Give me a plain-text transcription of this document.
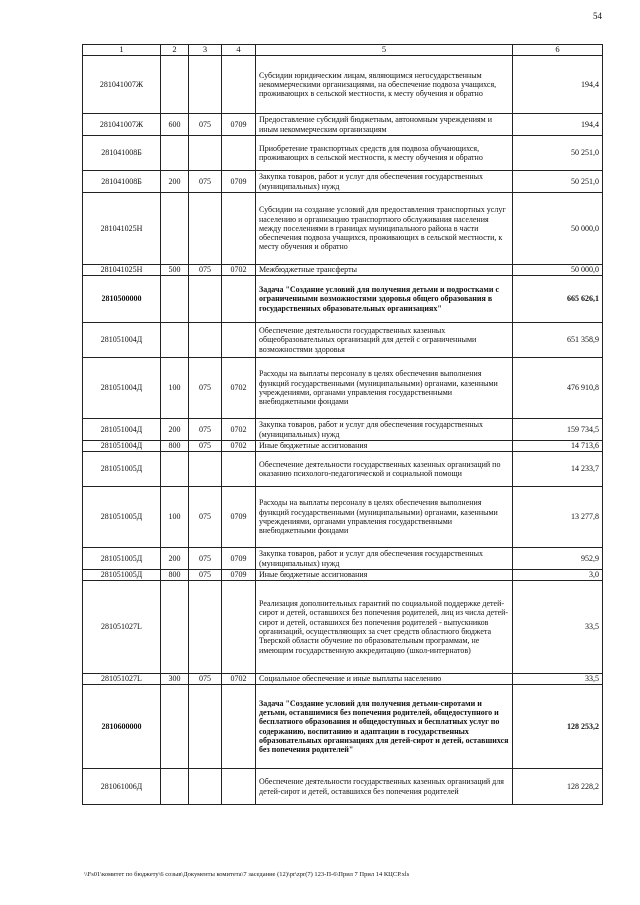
54
1	2	3	4	5	6
281041007Ж				Субсидии юридическим лицам, являющимся негосударственным некоммерческими организациями, на обеспечение подвоза учащихся, проживающих в сельской местности, к месту обучения и обратно	194,4
281041007Ж	600	075	0709	Предоставление субсидий бюджетным, автономным учреждениям и иным некоммерческим организациям	194,4
281041008Б				Приобретение транспортных средств для подвоза обучающихся, проживающих в сельской местности, к месту обучения и обратно	50 251,0
281041008Б	200	075	0709	Закупка товаров, работ и услуг для обеспечения государственных (муниципальных) нужд	50 251,0
281041025Н				Субсидии на создание условий для предоставления транспортных услуг населению и организацию транспортного обслуживания населения между поселениями в границах муниципального района в части обеспечения подвоза учащихся, проживающих в сельской местности, к месту обучения и обратно	50 000,0
281041025Н	500	075	0702	Межбюджетные трансферты	50 000,0
2810500000				Задача "Создание условий для получения детьми и подростками с ограниченными возможностями здоровья общего образования в государственных образовательных организациях"	665 626,1
281051004Д				Обеспечение деятельности государственных казенных общеобразовательных организаций для детей с ограниченными возможностями здоровья	651 358,9
281051004Д	100	075	0702	Расходы на выплаты персоналу в целях обеспечения выполнения функций государственными (муниципальными) органами, казенными учреждениями, органами управления государственными внебюджетными фондами	476 910,8
281051004Д	200	075	0702	Закупка товаров, работ и услуг для обеспечения государственных (муниципальных) нужд	159 734,5
281051004Д	800	075	0702	Иные бюджетные ассигнования	14 713,6
281051005Д				Обеспечение деятельности государственных казенных организаций по оказанию психолого-педагогической и социальной помощи	14 233,7
281051005Д	100	075	0709	Расходы на выплаты персоналу в целях обеспечения выполнения функций государственными (муниципальными) органами, казенными учреждениями, органами управления государственными внебюджетными фондами	13 277,8
281051005Д	200	075	0709	Закупка товаров, работ и услуг для обеспечения государственных (муниципальных) нужд	952,9
281051005Д	800	075	0709	Иные бюджетные ассигнования	3,0
281051027L				Реализация дополнительных гарантий по социальной поддержке детей-сирот и детей, оставшихся без попечения родителей, лиц из числа детей-сирот и детей, оставшихся без попечения родителей - выпускников организаций, осуществляющих за счет средств областного бюджета Тверской области обучение по образовательным программам, не имеющим государственную аккредитацию (школ-интернатов)	33,5
281051027L	300	075	0702	Социальное обеспечение и иные выплаты населению	33,5
2810600000				Задача "Создание условий для получения детьми-сиротами и детьми, оставшимися без попечения родителей, общедоступного и бесплатного образования и общедоступных и бесплатных услуг по содержанию, воспитанию и адаптации в государственных образовательных организациях для детей-сирот и детей, оставшихся без попечения родителей"	128 253,2
281061006Д				Обеспечение деятельности государственных казенных организаций для детей-сирот и детей, оставшихся без попечения родителей	128 228,2
\\Fs01\комитет по бюджету\6 созыв\Документы комитета\7 заседание (12)\pr\zpr(7) 123-П-6\Прил 7 Прил 14 КЦСР.xls
